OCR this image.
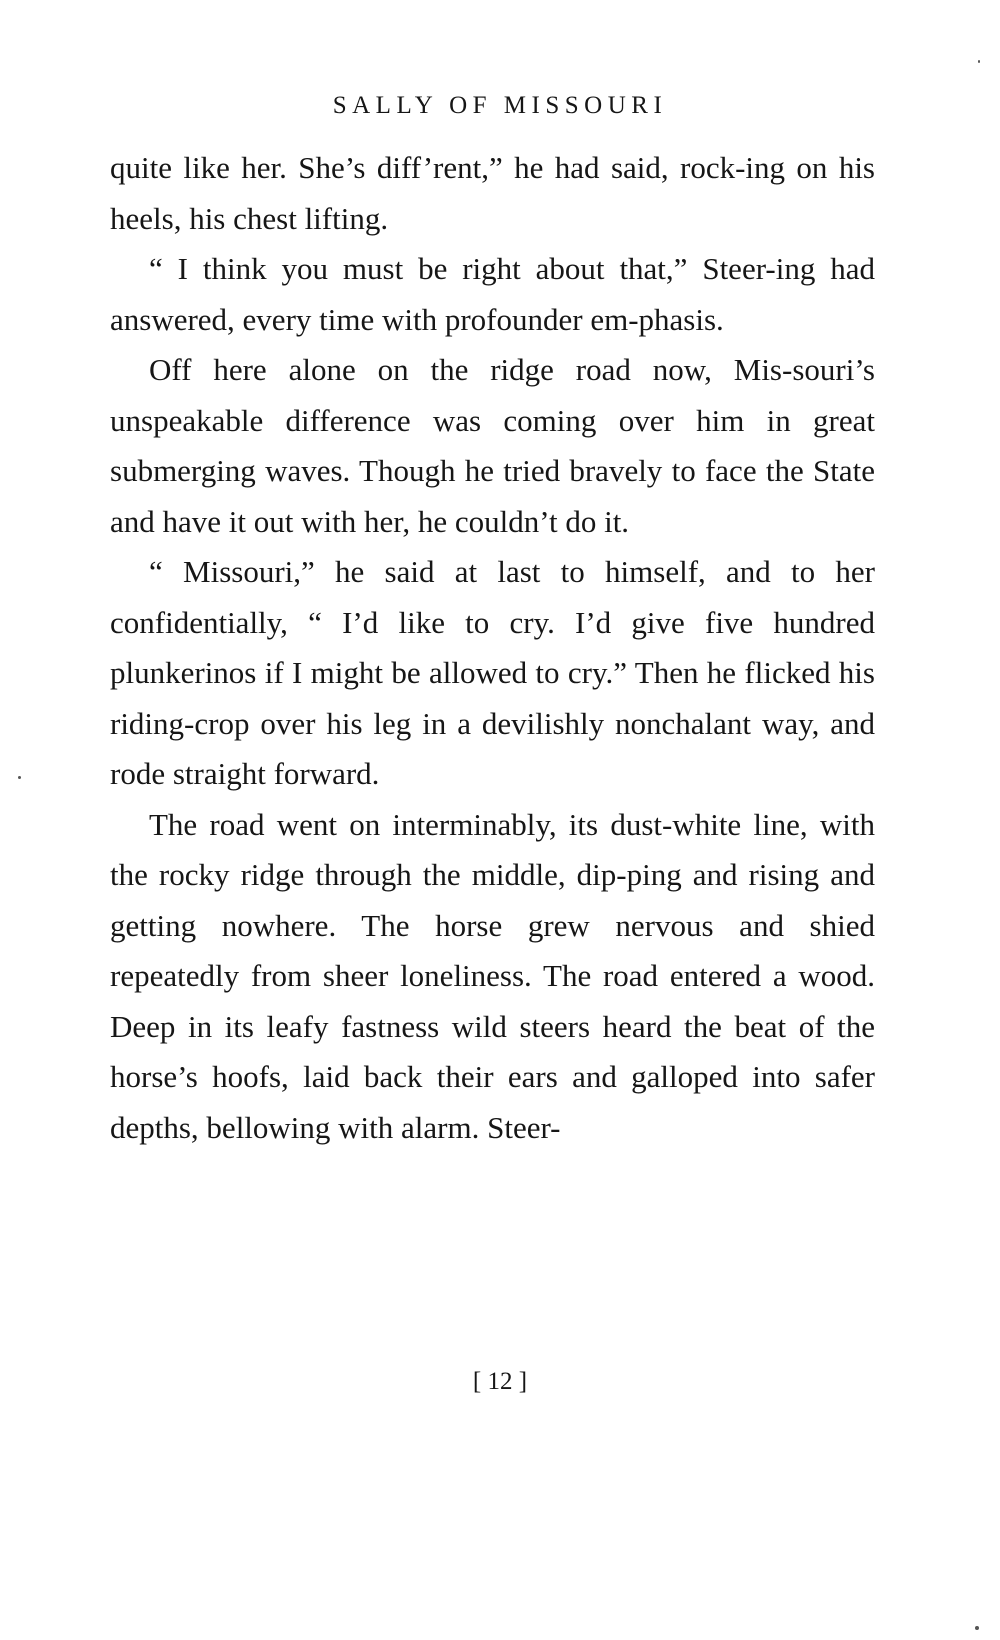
SALLY OF MISSOURI

quite like her. She’s diff’rent,” he had said, rock-ing on his heels, his chest lifting.

“ I think you must be right about that,” Steer-ing had answered, every time with profounder em-phasis.

Off here alone on the ridge road now, Mis-souri’s unspeakable difference was coming over him in great submerging waves. Though he tried bravely to face the State and have it out with her, he couldn’t do it.

“ Missouri,” he said at last to himself, and to her confidentially, “ I’d like to cry. I’d give five hundred plunkerinos if I might be allowed to cry.” Then he flicked his riding-crop over his leg in a devilishly nonchalant way, and rode straight forward.

The road went on interminably, its dust-white line, with the rocky ridge through the middle, dip-ping and rising and getting nowhere. The horse grew nervous and shied repeatedly from sheer loneliness. The road entered a wood. Deep in its leafy fastness wild steers heard the beat of the horse’s hoofs, laid back their ears and galloped into safer depths, bellowing with alarm. Steer-

[ 12 ]
